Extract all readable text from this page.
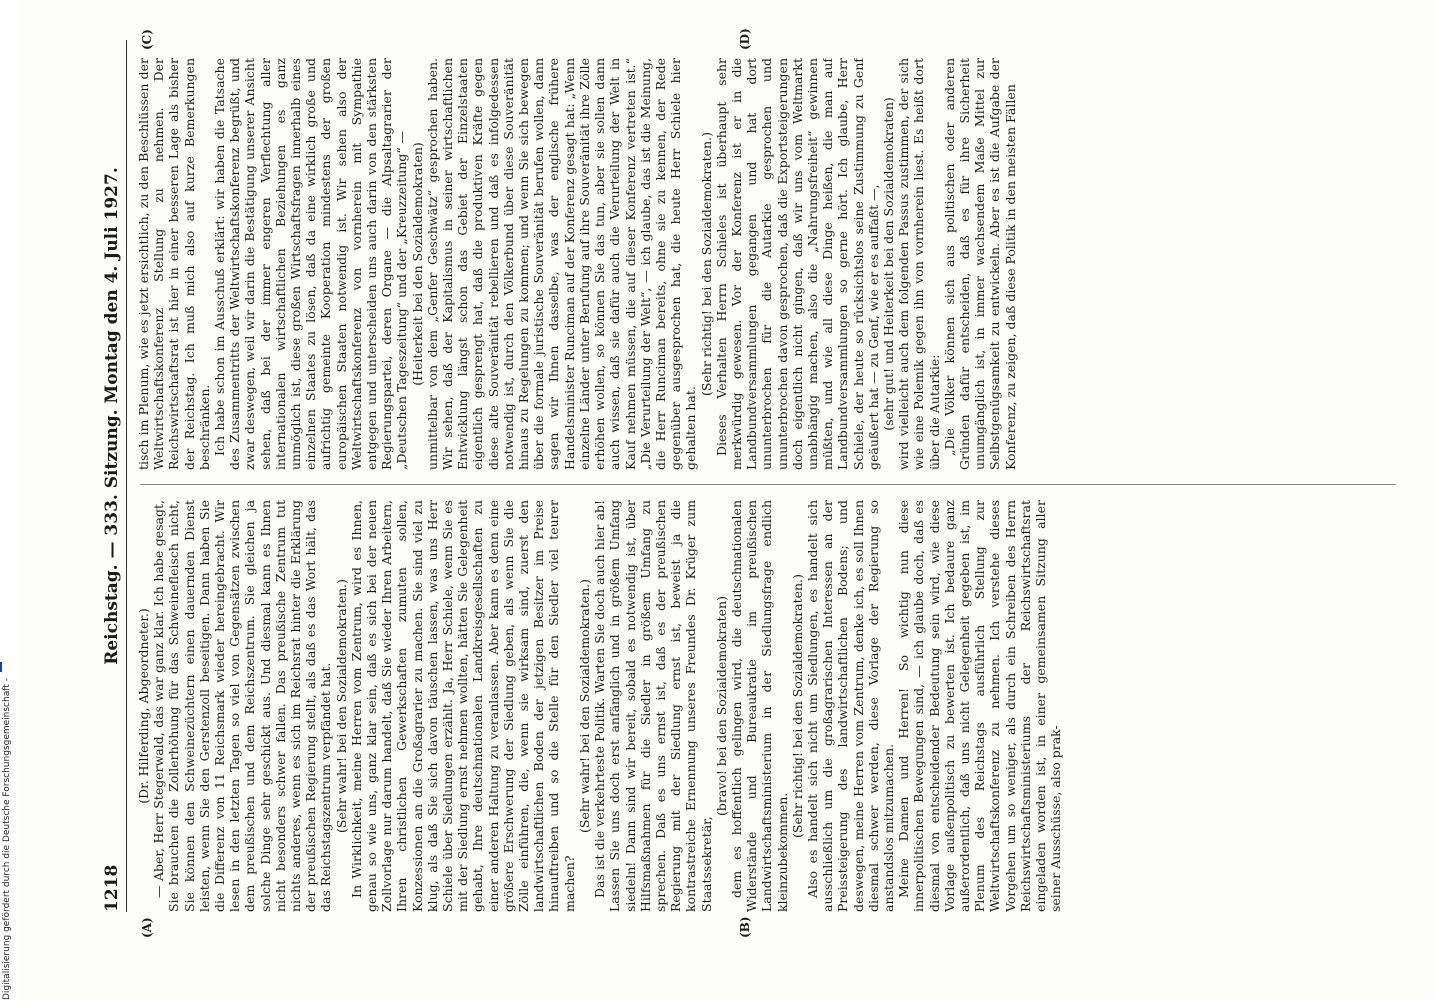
Digitalisierung gefördert durch die Deutsche Forschungsgemeinschaft -	1218
Reichstag. — 333. Sitzung. Montag den 4. Juli 1927.
(A)	(B)
(C)	(D)

(Dr. Hilferding, Abgeordneter.) — Aber, Herr Stegerwald, das war ganz klar. Ich habe gesagt, Sie brauchen die Zollerhöhung für das Schweinefleisch nicht, Sie können den Schweinezüchtern einen dauernden Dienst leisten, wenn Sie den Gerstenzoll beseitigen. Dann haben Sie die Differenz von 11 Reichsmark wieder hereingebracht. Wir lesen in den letzten Tagen so viel von Gegensätzen zwischen dem preußischen und dem Reichszentrum. Sie gleichen ja solche Dinge sehr geschickt aus. Und diesmal kann es Ihnen nicht besonders schwer fallen. Das preußische Zentrum tut nichts anderes, wenn es sich im Reichsrat hinter die Erklärung der preußischen Regierung stellt, als daß es das Wort hält, das das Reichstagszentrum verpfändet hat. (Sehr wahr! bei den Sozialdemokraten.) In Wirklichkeit, meine Herren vom Zentrum, wird es Ihnen, genau so wie uns, ganz klar sein, daß es sich bei der neuen Zollvorlage nur darum handelt, daß Sie wieder Ihren Arbeitern, Ihren christlichen Gewerkschaften zumuten sollen, Konzessionen an die Großagrarier zu machen. Sie sind viel zu klug, als daß Sie sich davon täuschen lassen, was uns Herr Schiele über Siedlungen erzählt. Ja, Herr Schiele, wenn Sie es mit der Siedlung ernst nehmen wollten, hätten Sie Gelegenheit gehabt, Ihre deutschnationalen Landkreisgesellschaften zu einer anderen Haltung zu veranlassen. Aber kann es denn eine größere Erschwerung der Siedlung geben, als wenn Sie die Zölle einführen, die, wenn sie wirksam sind, zuerst den landwirtschaftlichen Boden der jetzigen Besitzer im Preise hinauftreiben und so die Stelle für den Siedler viel teurer machen?

(Sehr wahr! bei den Sozialdemokraten.) Das ist die verkehrteste Politik. Warten Sie doch auch hier ab! Lassen Sie uns doch erst anfänglich und in größem Umfang siedeln! Dann sind wir bereit, sobald es notwendig ist, über Hilfsmaßnahmen für die Siedler in größem Umfang zu sprechen. Daß es uns ernst ist, daß es der preußischen Regierung mit der Siedlung ernst ist, beweist ja die kontrastreiche Ernennung unseres Freundes Dr. Krüger zum Staatssekretär,

(bravo! bei den Sozialdemokraten) dem es hoffentlich gelingen wird, die deutschnationalen Widerstände und Bureaukratie im preußischen Landwirtschaftsministerium in der Siedlungsfrage endlich kleinzubekommen.

(Sehr richtig! bei den Sozialdemokraten.) Also es handelt sich nicht um Siedlungen, es handelt sich ausschließlich um die großagrarischen Interessen an der Preissteigerung des landwirtschaftlichen Bodens; und deswegen, meine Herren vom Zentrum, denke ich, es soll Ihnen diesmal schwer werden, diese Vorlage der Regierung so anstandslos mitzumachen. Meine Damen und Herren! So wichtig nun diese innerpolitischen Bewegungen sind, — ich glaube doch, daß es diesmal von entscheidender Bedeutung sein wird, wie diese Vorlage außenpolitisch zu bewerten ist. Ich bedaure ganz außerordentlich, daß uns nicht Gelegenheit gegeben ist, im Plenum des Reichstags ausführlich Stellung zur Weltwirtschaftskonferenz zu nehmen. Ich verstehe dieses Vorgehen um so weniger, als durch ein Schreiben des Herrn Reichswirtschaftsministeriums der Reichswirtschaftsrat eingeladen worden ist, in einer gemeinsamen Sitzung aller seiner Ausschüsse, also prak-

tisch im Plenum, wie es jetzt ersichtlich, zu den Beschlüssen der Weltwirtschaftskonferenz Stellung zu nehmen. Der Reichswirtschaftsrat ist hier in einer besseren Lage als bisher der Reichstag. Ich muß mich also auf kurze Bemerkungen beschränken. Ich habe schon im Ausschuß erklärt: wir haben die Tatsache des Zusammentritts der Weltwirtschaftskonferenz begrüßt, und zwar deswegen, weil wir darin die Bestätigung unserer Ansicht sehen, daß bei der immer engeren Verflechtung aller internationalen wirtschaftlichen Beziehungen es ganz unmöglich ist, diese großen Wirtschaftsfragen innerhalb eines einzelnen Staates zu lösen, daß da eine wirklich große und aufrichtig gemeinte Kooperation mindestens der großen europäischen Staaten notwendig ist. Wir sehen also der Weltwirtschaftskonferenz von vornherein mit Sympathie entgegen und unterscheiden uns auch darin von den stärksten Regierungspartei, deren Organe — die Alpsaltagrarier der „Deutschen Tageszeitung“ und der „Kreuzzeitung“ — (Heiterkeit bei den Sozialdemokraten) unmittelbar von dem „Genfer Geschwätz“ gesprochen haben. Wir sehen, daß der Kapitalismus in seiner wirtschaftlichen Entwicklung längst schon das Gebiet der Einzelstaaten eigentlich gesprengt hat, daß die produktiven Kräfte gegen diese alte Souveränität rebellieren und daß es infolgedessen notwendig ist, durch den Völkerbund über diese Souveränität hinaus zu Regelungen zu kommen; und wenn Sie sich bewegen über die formale juristische Souveränität berufen wollen, dann sagen wir Ihnen dasselbe, was der englische frühere Handelsminister Runciman auf der Konferenz gesagt hat: „Wenn einzelne Länder unter Berufung auf ihre Souveränität ihre Zölle erhöhen wollen, so können Sie das tun, aber sie sollen dann auch wissen, daß sie dafür auch die Verurteilung der Welt in Kauf nehmen müssen, die auf dieser Konferenz vertreten ist.“ „Die Verurteilung der Welt“, — ich glaube, das ist die Meinung, die Herr Runciman bereits, ohne sie zu kennen, der Rede gegenüber ausgesprochen hat, die heute Herr Schiele hier gehalten hat.

(Sehr richtig! bei den Sozialdemokraten.) Dieses Verhalten Herrn Schieles ist überhaupt sehr merkwürdig gewesen. Vor der Konferenz ist er in die Landbundversammlungen gegangen und hat dort ununterbrochen für die Autarkie gesprochen und ununterbrochen davon gesprochen, daß die Exportsteigerungen doch eigentlich nicht gingen, daß wir uns vom Weltmarkt unabhängig machen, also die „Nahrungsfreiheit“ gewinnen müßten, und wie all diese Dinge heißen, die man auf Landbundversammlungen so gerne hört. Ich glaube, Herr Schiele, der heute so rücksichtslos seine Zustimmung zu Genf geäußert hat — zu Genf, wie er es auffaßt —, (sehr gut! und Heiterkeit bei den Sozialdemokraten) wird vielleicht auch dem folgenden Passus zustimmen, der sich wie eine Polemik gegen ihn von vornherein liest. Es heißt dort über die Autarkie: „Die Völker können sich aus politischen oder anderen Gründen dafür entscheiden, daß es für ihre Sicherheit unumgänglich ist, in immer wachsendem Maße Mittel zur Selbstgenügsamkeit zu entwickeln. Aber es ist die Aufgabe der Konferenz, zu zeigen, daß diese Politik in den meisten Fällen
